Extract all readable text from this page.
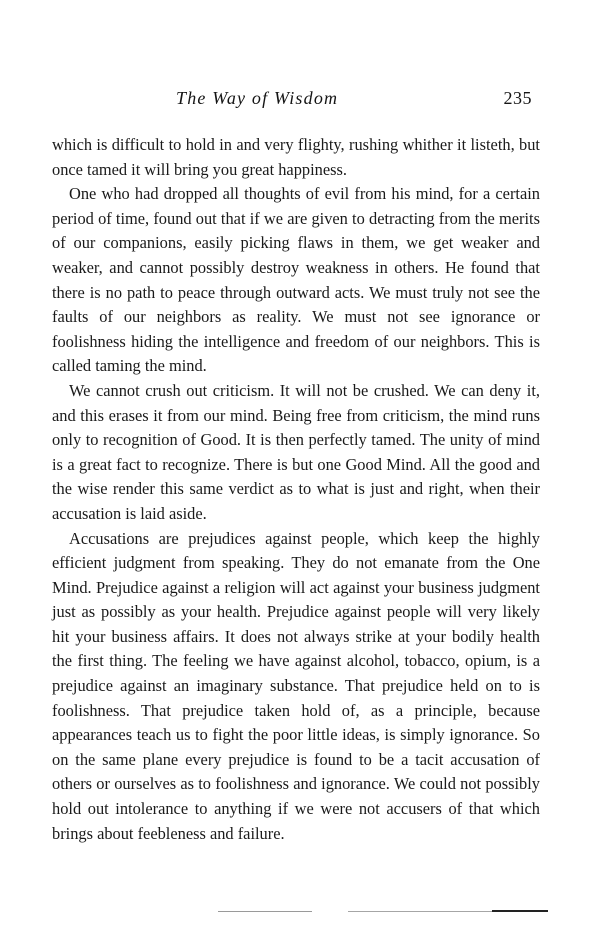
The Way of Wisdom	235

which is difficult to hold in and very flighty, rushing whither it listeth, but once tamed it will bring you great happiness.

One who had dropped all thoughts of evil from his mind, for a certain period of time, found out that if we are given to detracting from the merits of our companions, easily picking flaws in them, we get weaker and weaker, and cannot possibly destroy weakness in others. He found that there is no path to peace through outward acts. We must truly not see the faults of our neighbors as reality. We must not see ignorance or foolishness hiding the intelligence and freedom of our neighbors. This is called taming the mind.

We cannot crush out criticism. It will not be crushed. We can deny it, and this erases it from our mind. Being free from criticism, the mind runs only to recognition of Good. It is then perfectly tamed. The unity of mind is a great fact to recognize. There is but one Good Mind. All the good and the wise render this same verdict as to what is just and right, when their accusation is laid aside.

Accusations are prejudices against people, which keep the highly efficient judgment from speaking. They do not emanate from the One Mind. Prejudice against a religion will act against your business judgment just as possibly as your health. Prejudice against people will very likely hit your business affairs. It does not always strike at your bodily health the first thing. The feeling we have against alcohol, tobacco, opium, is a prejudice against an imaginary substance. That prejudice held on to is foolishness. That prejudice taken hold of, as a principle, because appearances teach us to fight the poor little ideas, is simply ignorance. So on the same plane every prejudice is found to be a tacit accusation of others or ourselves as to foolishness and ignorance. We could not possibly hold out intolerance to anything if we were not accusers of that which brings about feebleness and failure.
